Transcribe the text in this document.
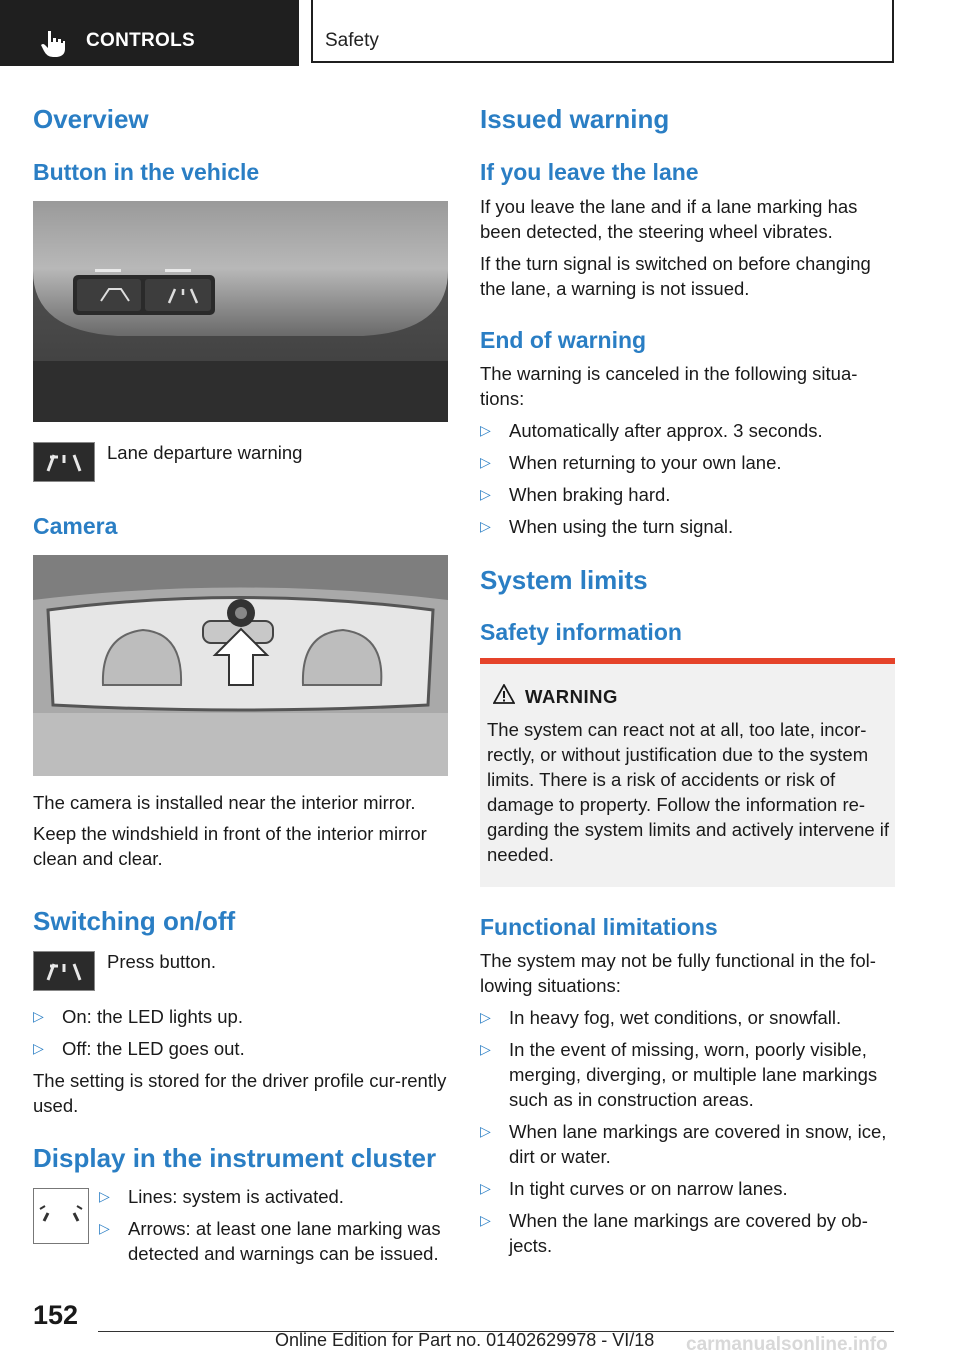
CONTROLS	Safety
Overview
Button in the vehicle

Lane departure warning

Camera

The camera is installed near the interior mirror.

Keep the windshield in front of the interior mirror clean and clear.

Switching on/off

Press button.

▷ On: the LED lights up.
▷ Off: the LED goes out.

The setting is stored for the driver profile cur-rently used.

Display in the instrument cluster
▷ Lines: system is activated.
▷ Arrows: at least one lane marking was detected and warnings can be issued.
Issued warning
If you leave the lane

If you leave the lane and if a lane marking has been detected, the steering wheel vibrates.

If the turn signal is switched on before changing the lane, a warning is not issued.

End of warning

The warning is canceled in the following situa-tions:

▷ Automatically after approx. 3 seconds.
▷ When returning to your own lane.
▷ When braking hard.
▷ When using the turn signal.
System limits
Safety information
WARNING

The system can react not at all, too late, incor-rectly, or without justification due to the system limits. There is a risk of accidents or risk of damage to property. Follow the information re-garding the system limits and actively intervene if needed.

Functional limitations

The system may not be fully functional in the fol-lowing situations:

▷ In heavy fog, wet conditions, or snowfall.
▷ In the event of missing, worn, poorly visible, merging, diverging, or multiple lane markings such as in construction areas.
▷ When lane markings are covered in snow, ice, dirt or water.
▷ In tight curves or on narrow lanes.
▷ When the lane markings are covered by ob-jects.
152
Online Edition for Part no. 01402629978 - VI/18 carmanualsonline.info
